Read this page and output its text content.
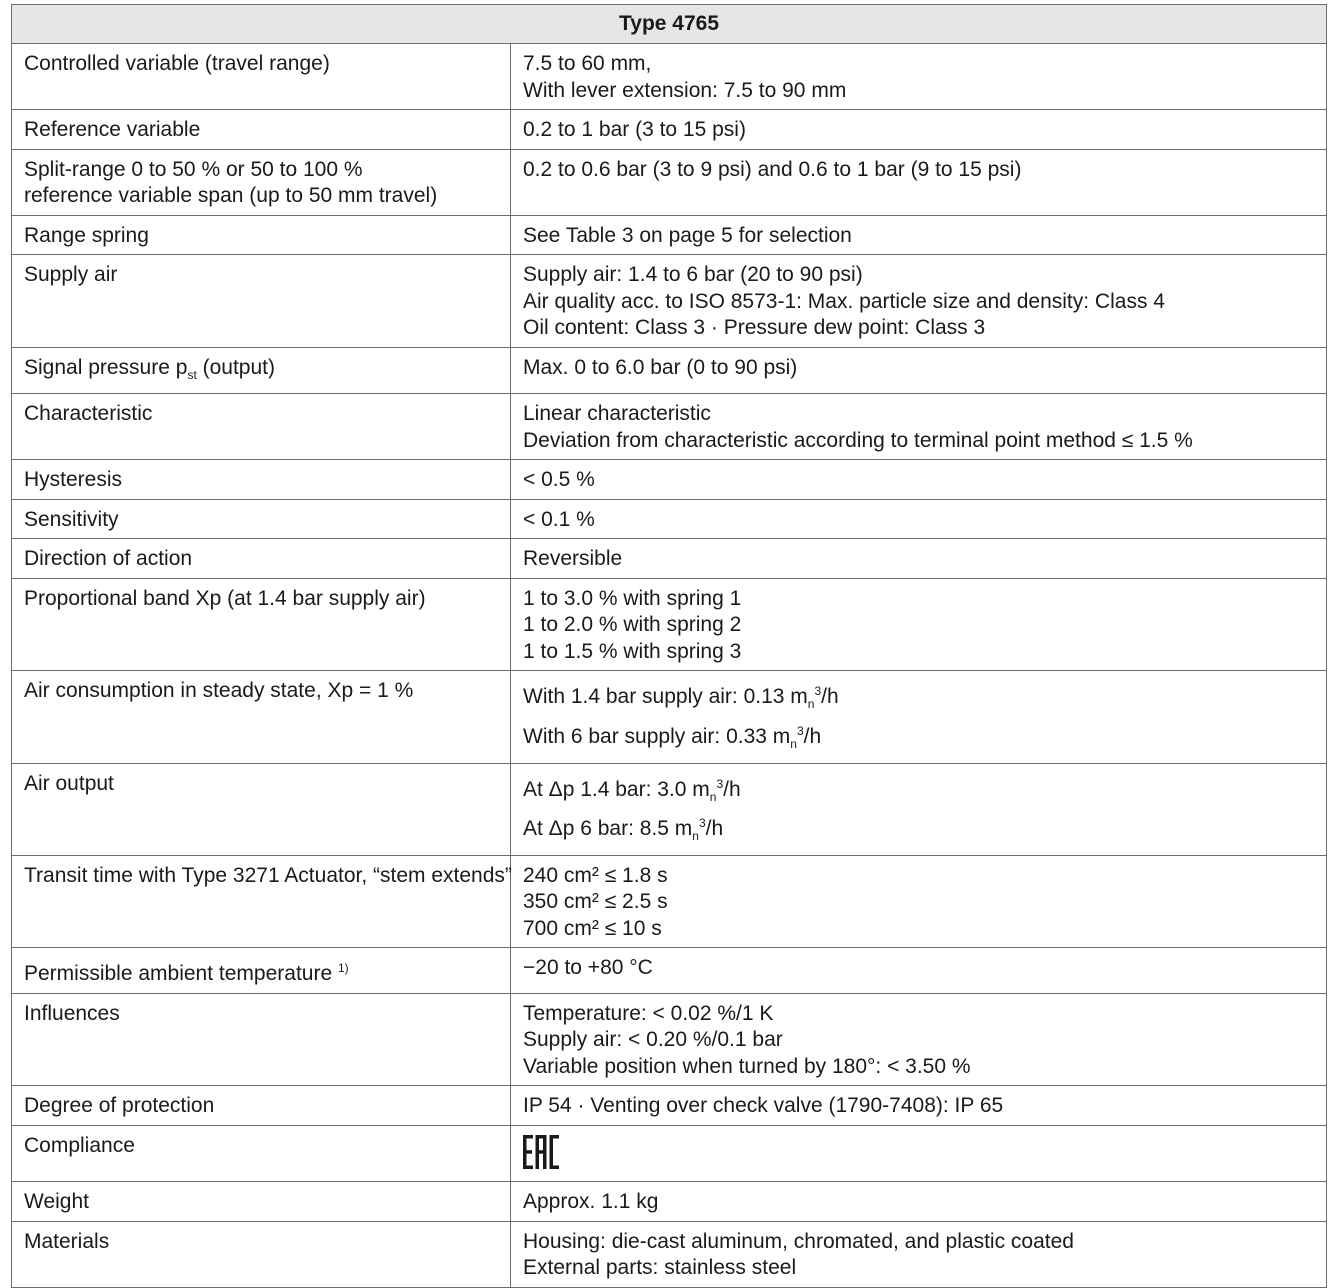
Type 4765	

Controlled variable (travel range)	7.5 to 60 mm,
With lever extension: 7.5 to 90 mm

Reference variable	0.2 to 1 bar (3 to 15 psi)

Split-range 0 to 50 % or 50 to 100 %
reference variable span (up to 50 mm travel)	0.2 to 0.6 bar (3 to 9 psi) and 0.6 to 1 bar (9 to 15 psi)

Range spring	See Table 3 on page 5 for selection

Supply air	Supply air: 1.4 to 6 bar (20 to 90 psi)
Air quality acc. to ISO 8573-1: Max. particle size and density: Class 4
Oil content: Class 3 · Pressure dew point: Class 3

Signal pressure $p_{st}$ (output)	Max. 0 to 6.0 bar (0 to 90 psi)

Characteristic	Linear characteristic
Deviation from characteristic according to terminal point method ≤ 1.5 %

Hysteresis	< 0.5 %

Sensitivity	< 0.1 %

Direction of action	Reversible

Proportional band Xp (at 1.4 bar supply air)	1 to 3.0 % with spring 1
1 to 2.0 % with spring 2
1 to 1.5 % with spring 3

Air consumption in steady state, Xp = 1 %	With 1.4 bar supply air: 0.13 $m_n^3/h$
With 6 bar supply air: 0.33 $m_n^3/h$

Air output	At Δp 1.4 bar: 3.0 $m_n^3/h$
At Δp 6 bar: 8.5 $m_n^3/h$

Transit time with Type 3271 Actuator, “stem extends”	240 cm² ≤ 1.8 s
350 cm² ≤ 2.5 s
700 cm² ≤ 10 s

Permissible ambient temperature $^{1)}$	−20 to +80 °C

Influences	Temperature: < 0.02 %/1 K
Supply air: < 0.20 %/0.1 bar
Variable position when turned by 180°: < 3.50 %

Degree of protection	IP 54 · Venting over check valve (1790-7408): IP 65

Compliance

Weight	Approx. 1.1 kg

Materials	Housing: die-cast aluminum, chromated, and plastic coated
External parts: stainless steel
